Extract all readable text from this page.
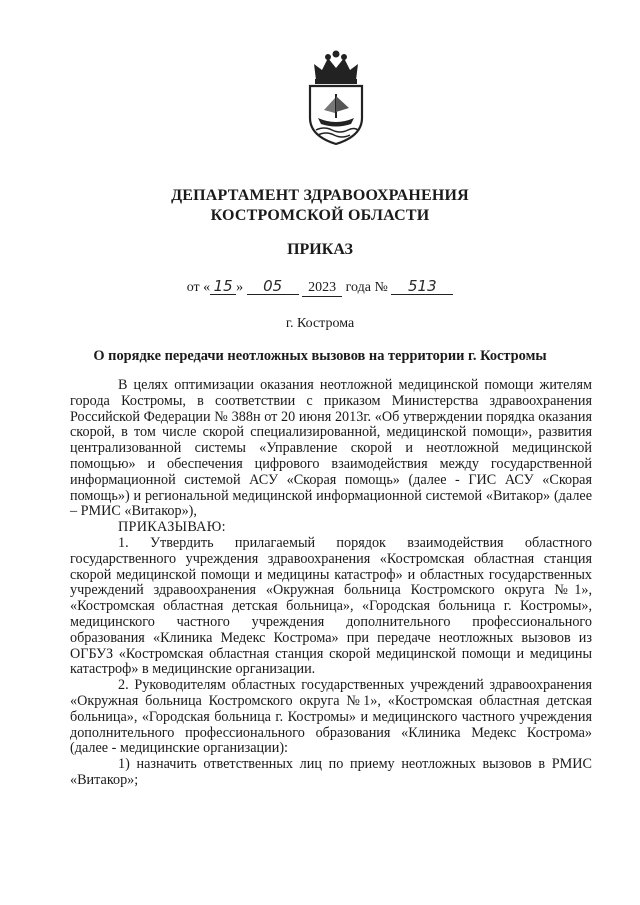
ДЕПАРТАМЕНТ ЗДРАВООХРАНЕНИЯ
КОСТРОМСКОЙ ОБЛАСТИ
ПРИКАЗ
от « 15 » 05 2023 года № 513
г. Кострома
О порядке передачи неотложных вызовов на территории г. Костромы

В целях оптимизации оказания неотложной медицинской помощи жителям города Костромы, в соответствии с приказом Министерства здравоохранения Российской Федерации № 388н от 20 июня 2013г. «Об утверждении порядка оказания скорой, в том числе скорой специализированной, медицинской помощи», развития централизованной системы «Управление скорой и неотложной медицинской помощью» и обеспечения цифрового взаимодействия между государственной информационной системой АСУ «Скорая помощь» (далее - ГИС АСУ «Скорая помощь») и региональной медицинской информационной системой «Витакор» (далее – РМИС «Витакор»),

ПРИКАЗЫВАЮ:

1. Утвердить прилагаемый порядок взаимодействия областного государственного учреждения здравоохранения «Костромская областная станция скорой медицинской помощи и медицины катастроф» и областных государственных учреждений здравоохранения «Окружная больница Костромского округа №1», «Костромская областная детская больница», «Городская больница г. Костромы», медицинского частного учреждения дополнительного профессионального образования «Клиника Медекс Кострома» при передаче неотложных вызовов из ОГБУЗ «Костромская областная станция скорой медицинской помощи и медицины катастроф» в медицинские организации.

2. Руководителям областных государственных учреждений здравоохранения «Окружная больница Костромского округа №1», «Костромская областная детская больница», «Городская больница г. Костромы» и медицинского частного учреждения дополнительного профессионального образования «Клиника Медекс Кострома» (далее - медицинские организации):

1) назначить ответственных лиц по приему неотложных вызовов в РМИС «Витакор»;
